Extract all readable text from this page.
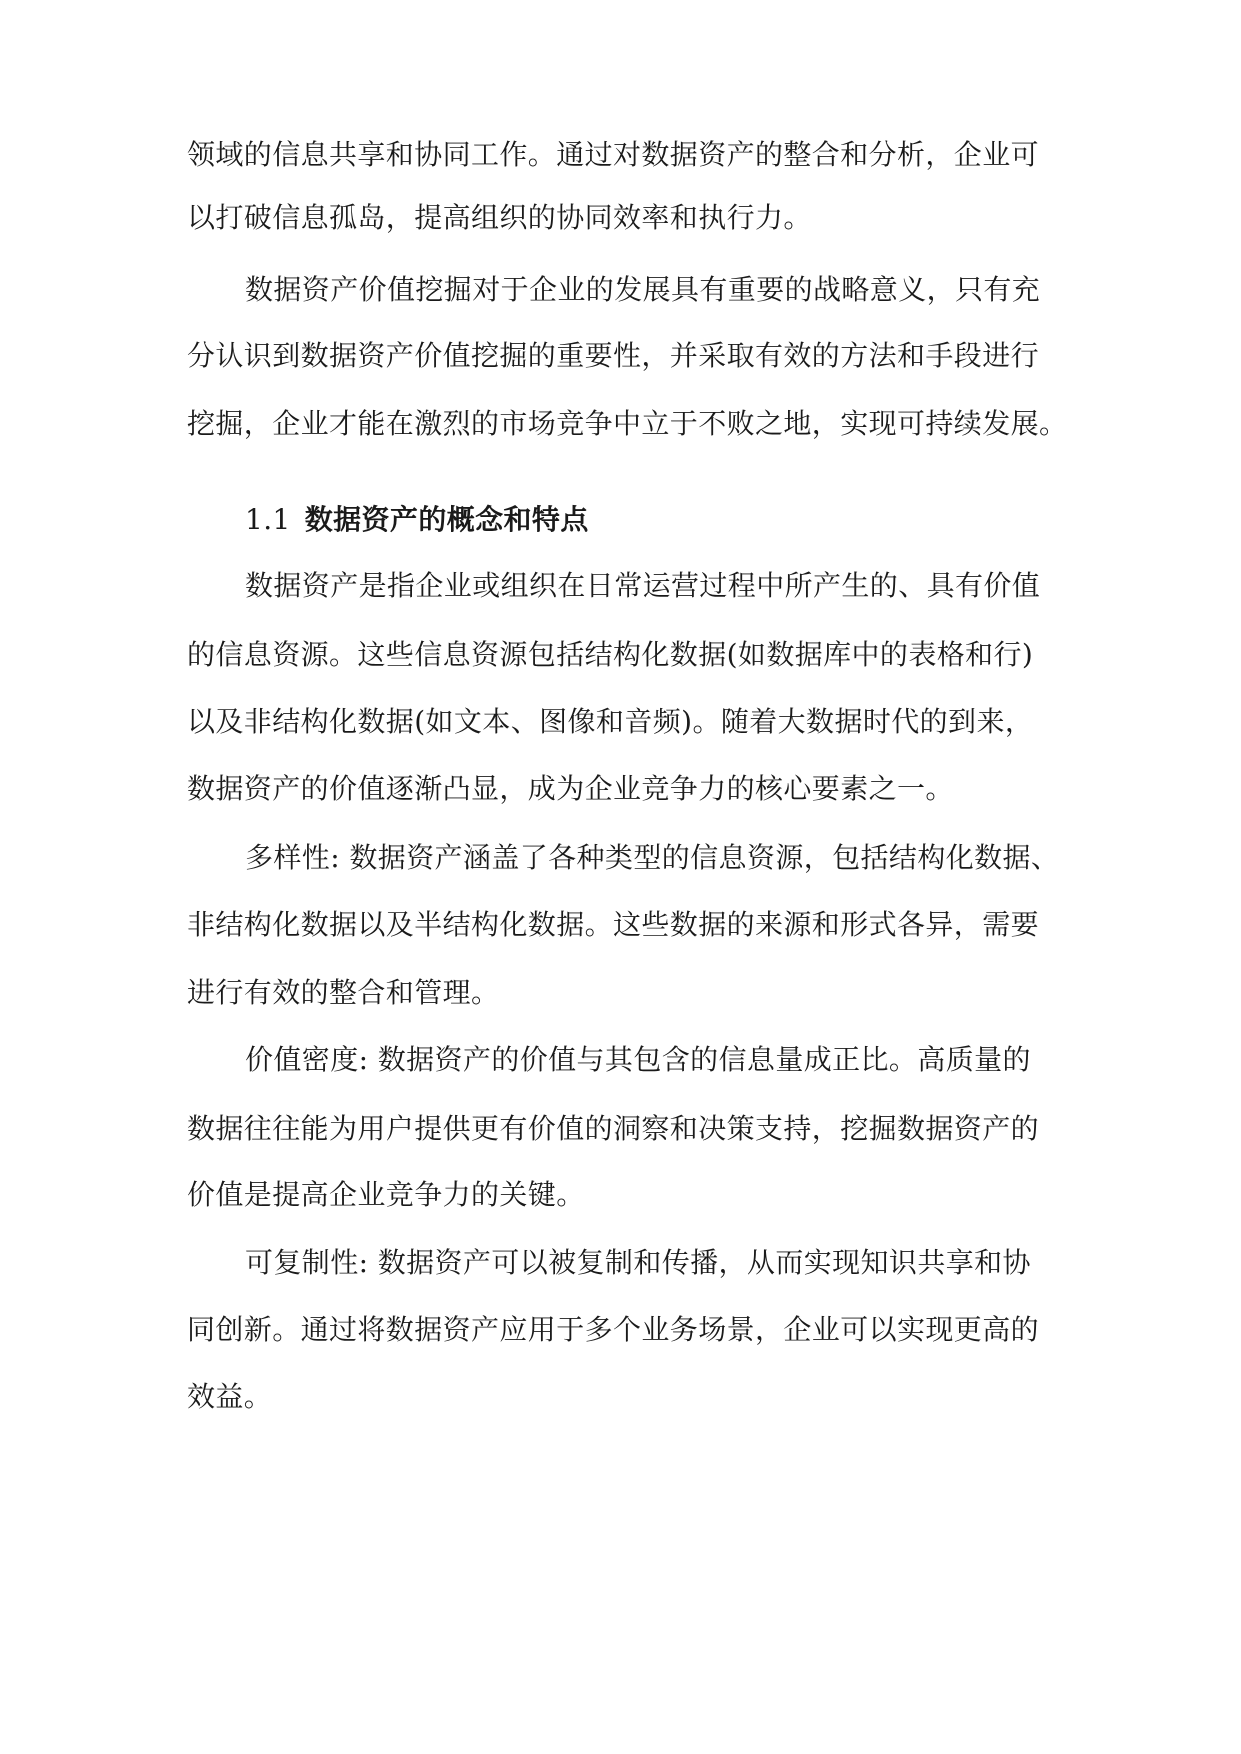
领域的信息共享和协同工作。通过对数据资产的整合和分析，企业可
以打破信息孤岛，提高组织的协同效率和执行力。
数据资产价值挖掘对于企业的发展具有重要的战略意义，只有充
分认识到数据资产价值挖掘的重要性，并采取有效的方法和手段进行
挖掘，企业才能在激烈的市场竞争中立于不败之地，实现可持续发展。
1.1 数据资产的概念和特点
数据资产是指企业或组织在日常运营过程中所产生的、具有价值
的信息资源。这些信息资源包括结构化数据(如数据库中的表格和行)
以及非结构化数据(如文本、图像和音频)。随着大数据时代的到来，
数据资产的价值逐渐凸显，成为企业竞争力的核心要素之一。
多样性: 数据资产涵盖了各种类型的信息资源，包括结构化数据、
非结构化数据以及半结构化数据。这些数据的来源和形式各异，需要
进行有效的整合和管理。
价值密度: 数据资产的价值与其包含的信息量成正比。高质量的
数据往往能为用户提供更有价值的洞察和决策支持，挖掘数据资产的
价值是提高企业竞争力的关键。
可复制性: 数据资产可以被复制和传播，从而实现知识共享和协
同创新。通过将数据资产应用于多个业务场景，企业可以实现更高的
效益。
